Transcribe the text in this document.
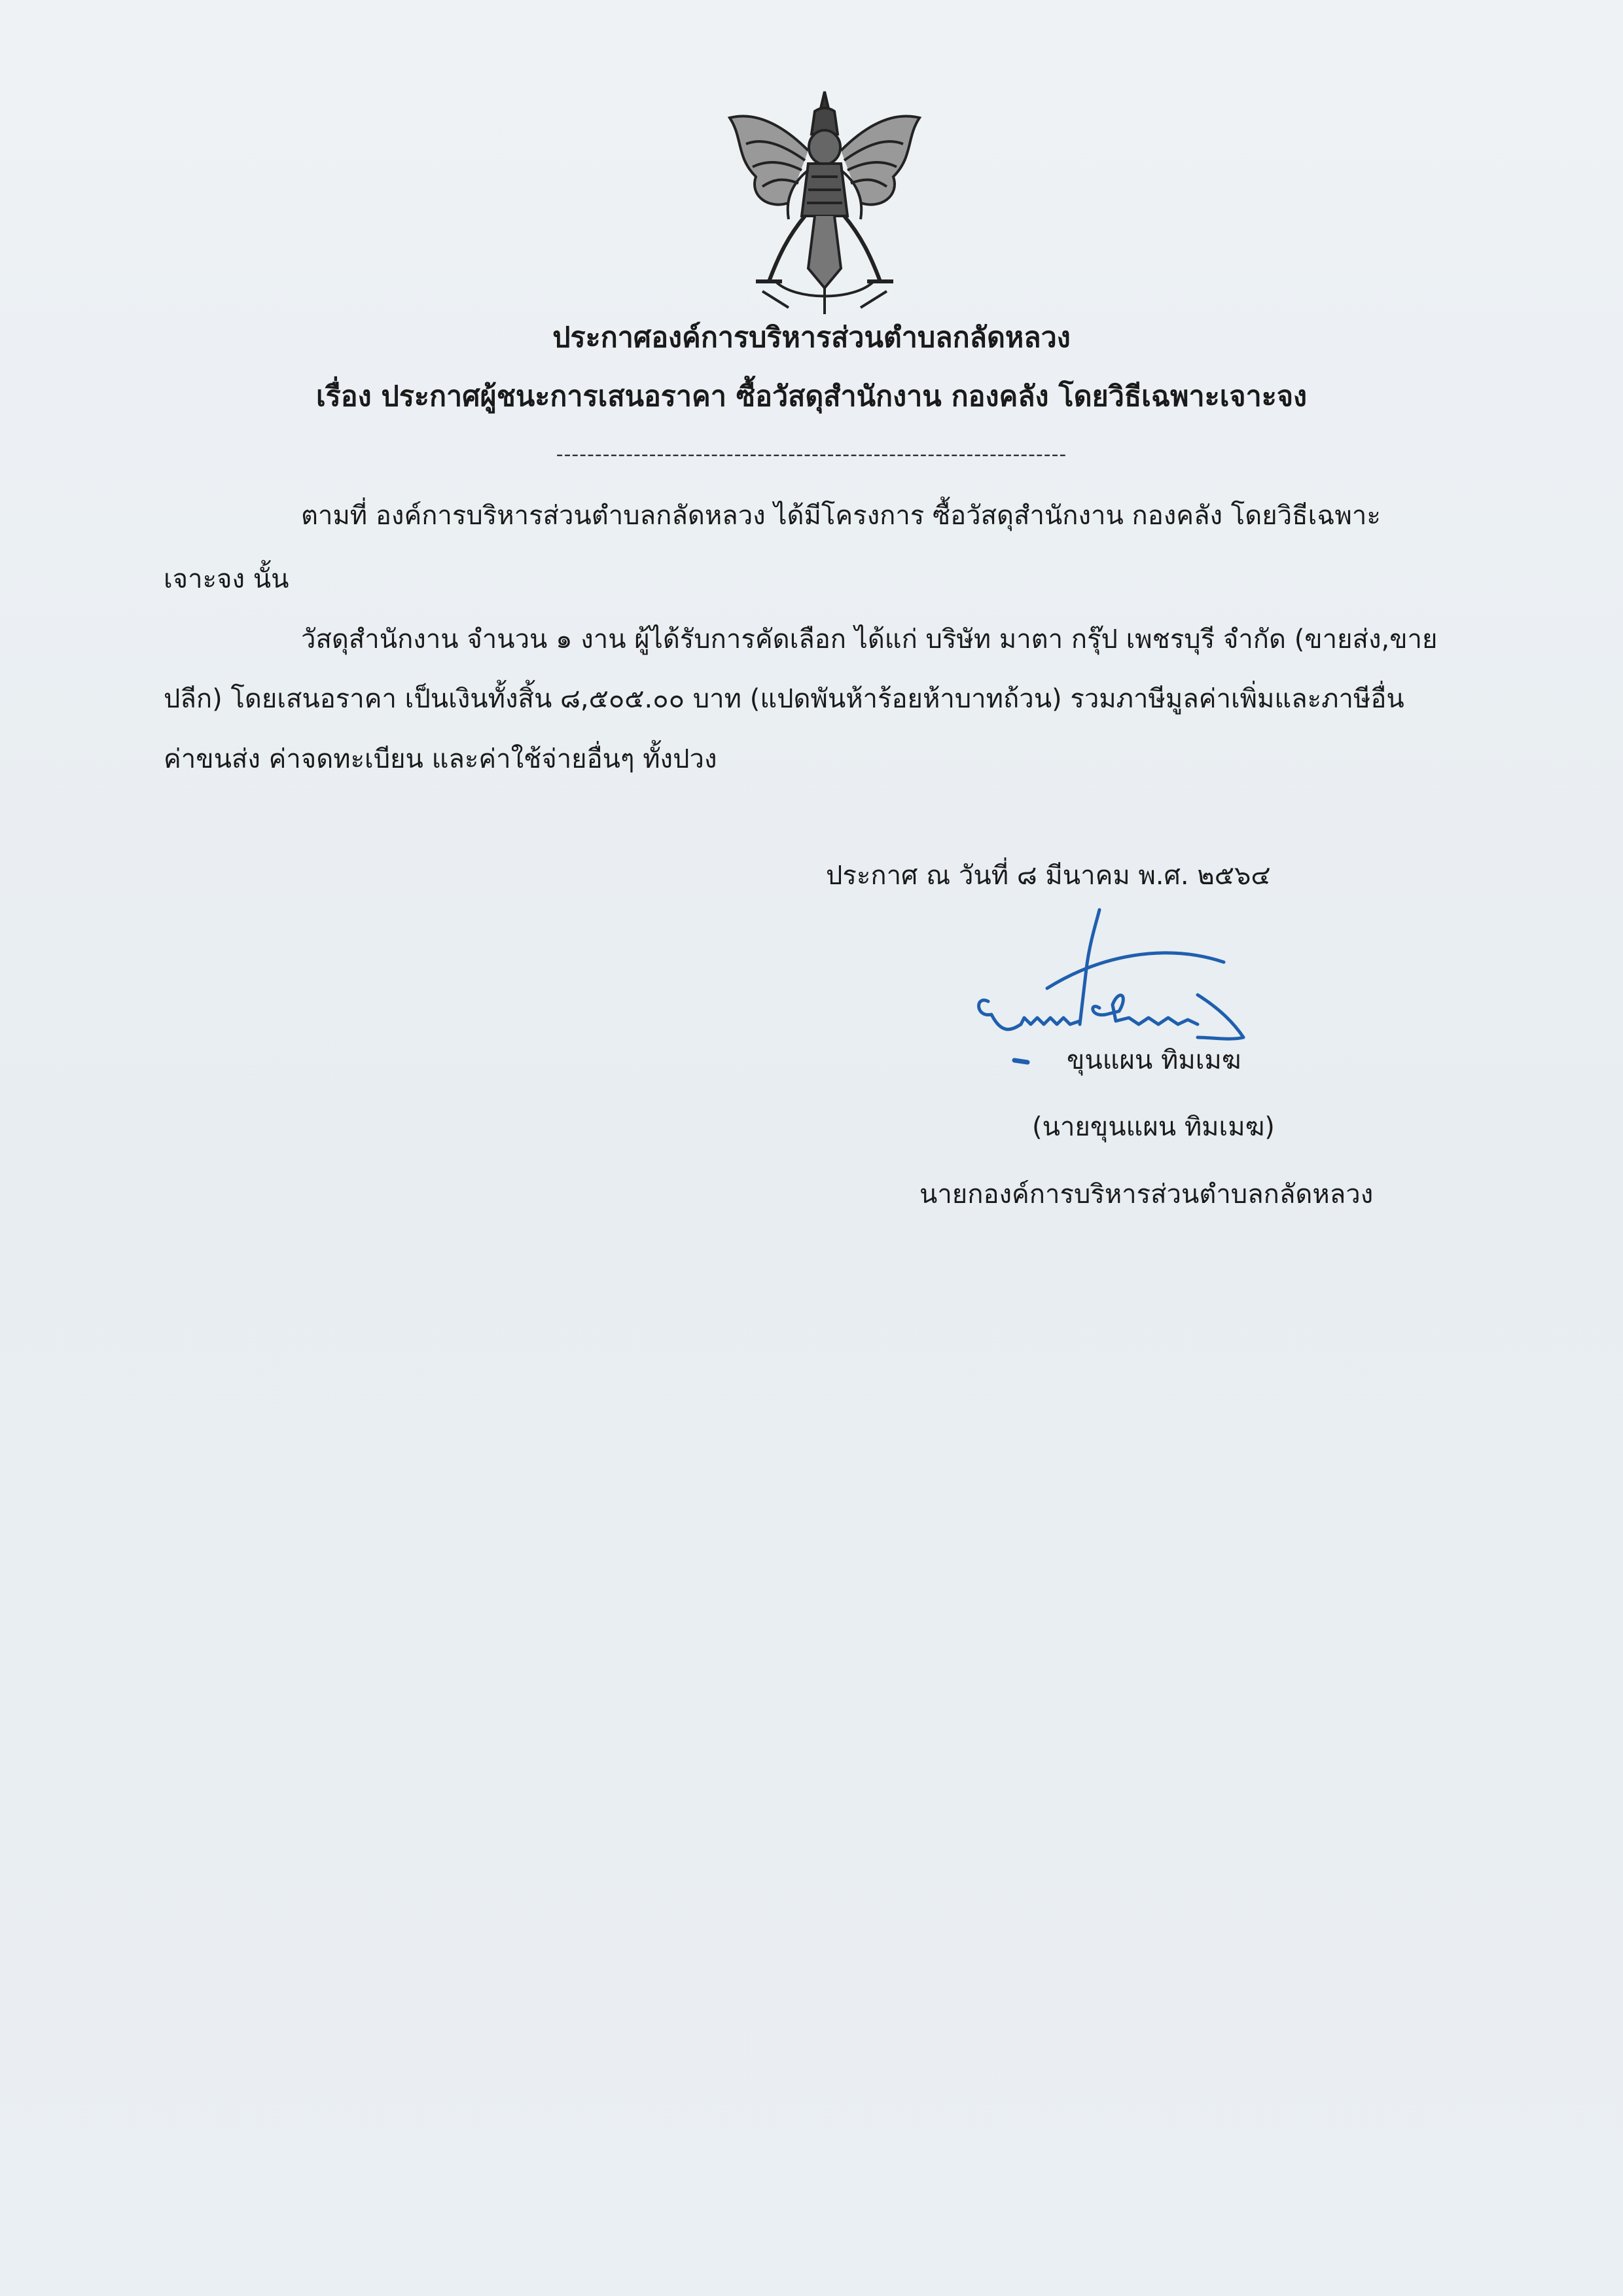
ประกาศองค์การบริหารส่วนตำบลกลัดหลวง
เรื่อง ประกาศผู้ชนะการเสนอราคา ซื้อวัสดุสำนักงาน กองคลัง โดยวิธีเฉพาะเจาะจง
------------------------------------------------------------------
ตามที่ องค์การบริหารส่วนตำบลกลัดหลวง ได้มีโครงการ ซื้อวัสดุสำนักงาน กองคลัง โดยวิธีเฉพาะ
เจาะจง นั้น
วัสดุสำนักงาน จำนวน ๑ งาน ผู้ได้รับการคัดเลือก ได้แก่ บริษัท มาตา กรุ๊ป เพชรบุรี จำกัด (ขายส่ง,ขาย
ปลีก) โดยเสนอราคา เป็นเงินทั้งสิ้น ๘,๕๐๕.๐๐ บาท (แปดพันห้าร้อยห้าบาทถ้วน) รวมภาษีมูลค่าเพิ่มและภาษีอื่น
ค่าขนส่ง ค่าจดทะเบียน และค่าใช้จ่ายอื่นๆ ทั้งปวง
ประกาศ ณ วันที่ ๘ มีนาคม พ.ศ. ๒๕๖๔
ขุนแผน ทิมเมฆ
(นายขุนแผน ทิมเมฆ)
นายกองค์การบริหารส่วนตำบลกลัดหลวง
